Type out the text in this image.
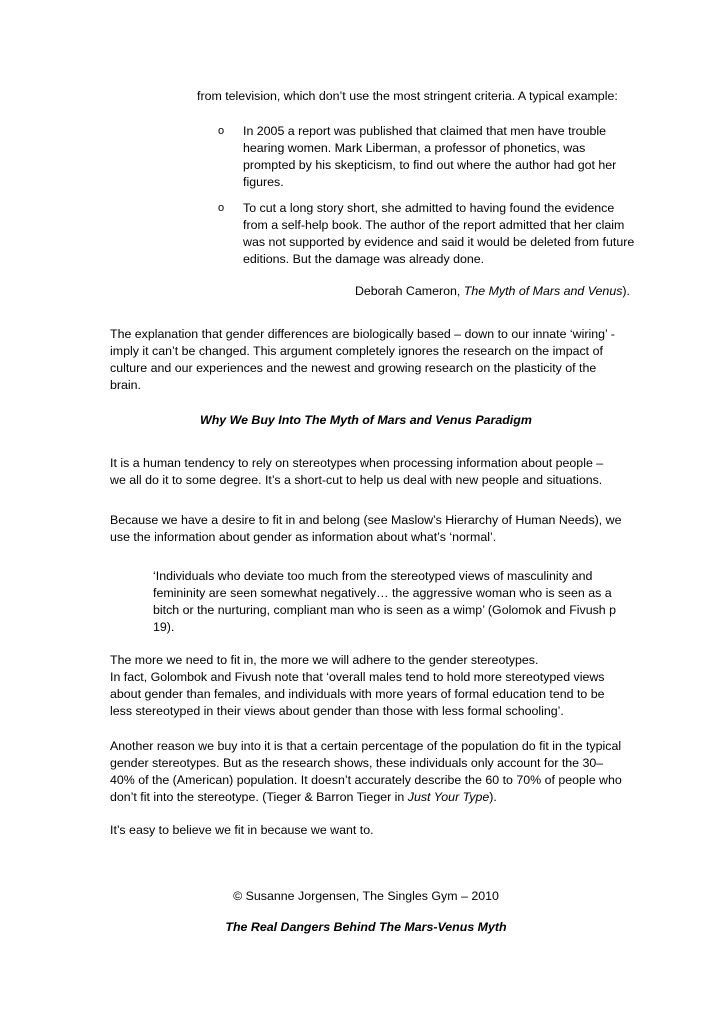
from television, which don’t use the most stringent criteria. A typical example:

o	In 2005 a report was published that claimed that men have trouble hearing women. Mark Liberman, a professor of phonetics, was prompted by his skepticism, to find out where the author had got her figures.
o	To cut a long story short, she admitted to having found the evidence from a self-help book. The author of the report admitted that her claim was not supported by evidence and said it would be deleted from future editions. But the damage was already done.

Deborah Cameron, The Myth of Mars and Venus).

The explanation that gender differences are biologically based – down to our innate ‘wiring’ - imply it can’t be changed. This argument completely ignores the research on the impact of culture and our experiences and the newest and growing research on the plasticity of the brain.

Why We Buy Into The Myth of Mars and Venus Paradigm

It is a human tendency to rely on stereotypes when processing information about people – we all do it to some degree. It’s a short-cut to help us deal with new people and situations.

Because we have a desire to fit in and belong (see Maslow’s Hierarchy of Human Needs), we use the information about gender as information about what’s ‘normal’.

‘Individuals who deviate too much from the stereotyped views of masculinity and femininity are seen somewhat negatively… the aggressive woman who is seen as a bitch or the nurturing, compliant man who is seen as a wimp’ (Golomok and Fivush p 19).

The more we need to fit in, the more we will adhere to the gender stereotypes.

In fact, Golombok and Fivush note that ‘overall males tend to hold more stereotyped views about gender than females, and individuals with more years of formal education tend to be less stereotyped in their views about gender than those with less formal schooling’.

Another reason we buy into it is that a certain percentage of the population do fit in the typical gender stereotypes. But as the research shows, these individuals only account for the 30–40% of the (American) population. It doesn’t accurately describe the 60 to 70% of people who don’t fit into the stereotype. (Tieger & Barron Tieger in Just Your Type).

It’s easy to believe we fit in because we want to.

© Susanne Jorgensen, The Singles Gym – 2010

The Real Dangers Behind The Mars-Venus Myth
